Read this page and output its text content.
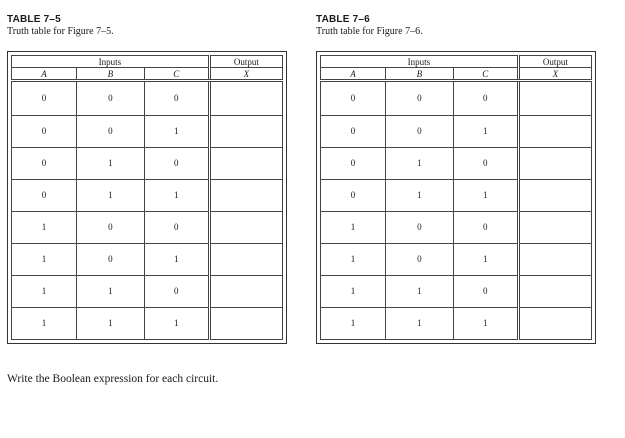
TABLE 7–5
Truth table for Figure 7–5.
Inputs			Output
A	B	C	X
0	0	0	
0	0	1	
0	1	0	
0	1	1	
1	0	0	
1	0	1	
1	1	0	
1	1	1	
TABLE 7–6
Truth table for Figure 7–6.
Inputs			Output
A	B	C	X
0	0	0	
0	0	1	
0	1	0	
0	1	1	
1	0	0	
1	0	1	
1	1	0	
1	1	1	
Write the Boolean expression for each circuit.
